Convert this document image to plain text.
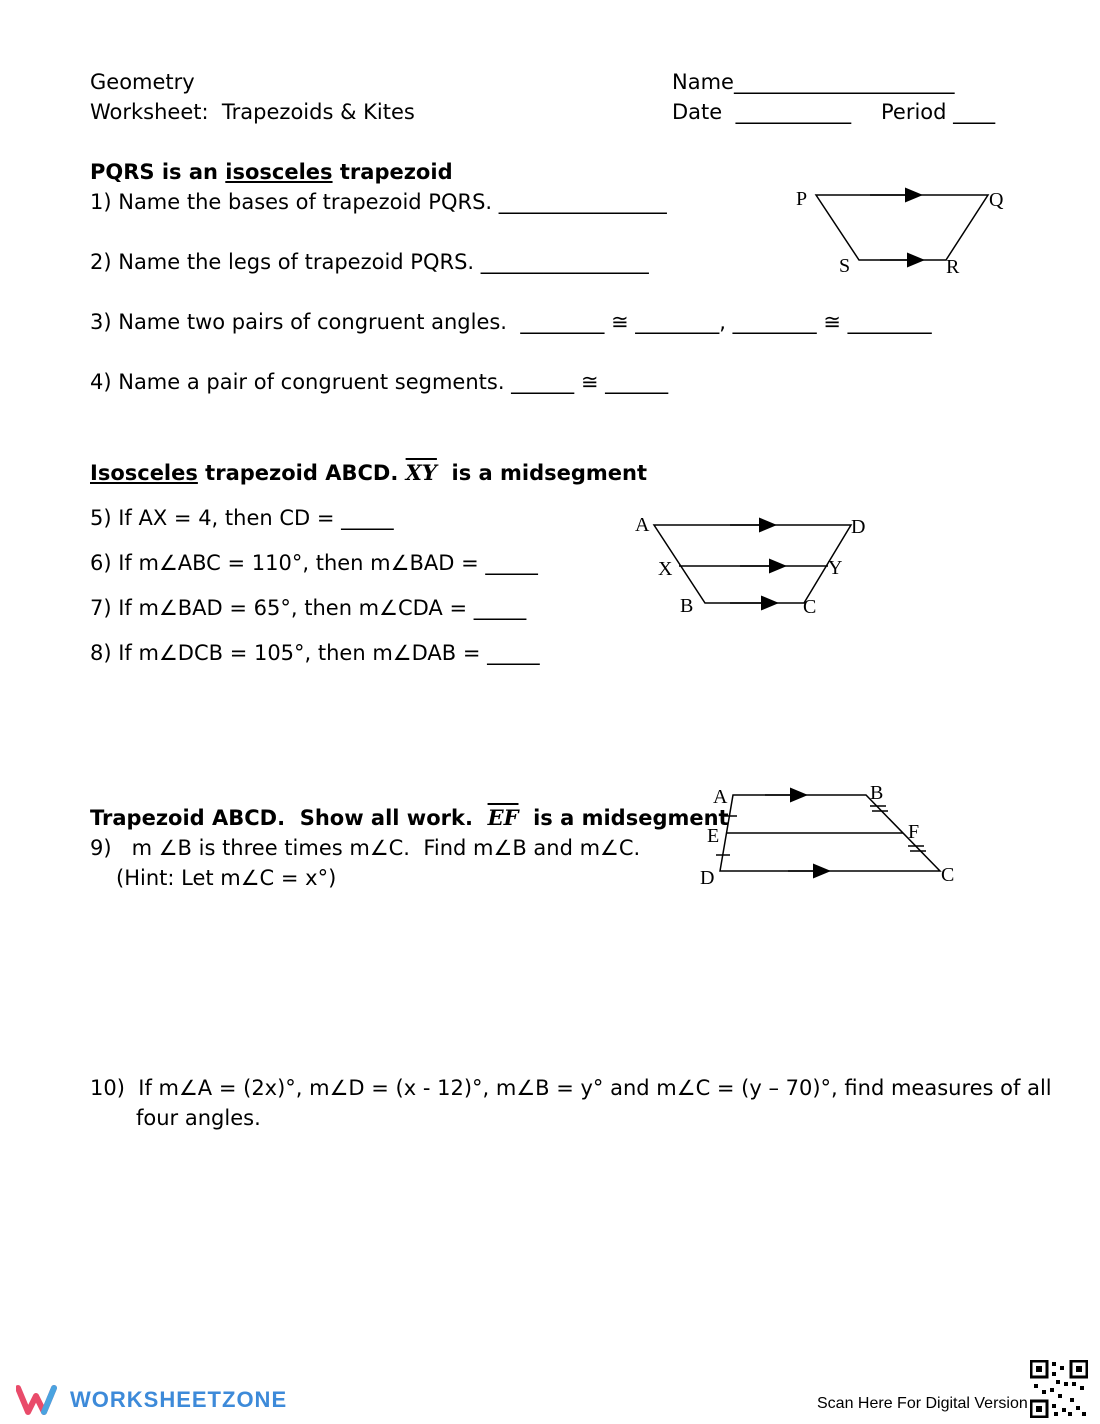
Geometry
Worksheet:  Trapezoids & Kites
Name_____________________
Date ___________ Period ____
PQRS is an isosceles trapezoid
1) Name the bases of trapezoid PQRS. ________________
2) Name the legs of trapezoid PQRS. ________________
3) Name two pairs of congruent angles.  ________ ≅ ________, ________ ≅ ________
4) Name a pair of congruent segments. ______ ≅ ______
Isosceles trapezoid ABCD. $\overline{XY}$  is a midsegment
5) If AX = 4, then CD = _____
6) If m∠ABC = 110°, then m∠BAD = _____
7) If m∠BAD = 65°, then m∠CDA = _____
8) If m∠DCB = 105°, then m∠DAB = _____
Trapezoid ABCD.  Show all work.  $\overline{EF}$  is a midsegment
9)   m ∠B is three times m∠C.  Find m∠B and m∠C.
(Hint: Let m∠C = x°)
10)  If m∠A = (2x)°, m∠D = (x - 12)°, m∠B = y° and m∠C = (y – 70)°, find measures of all
four angles.
P	Q
S	R
A	D
X	Y
B	C
A	B
E	F
D	C
WORKSHEETZONE	Scan Here For Digital Version
